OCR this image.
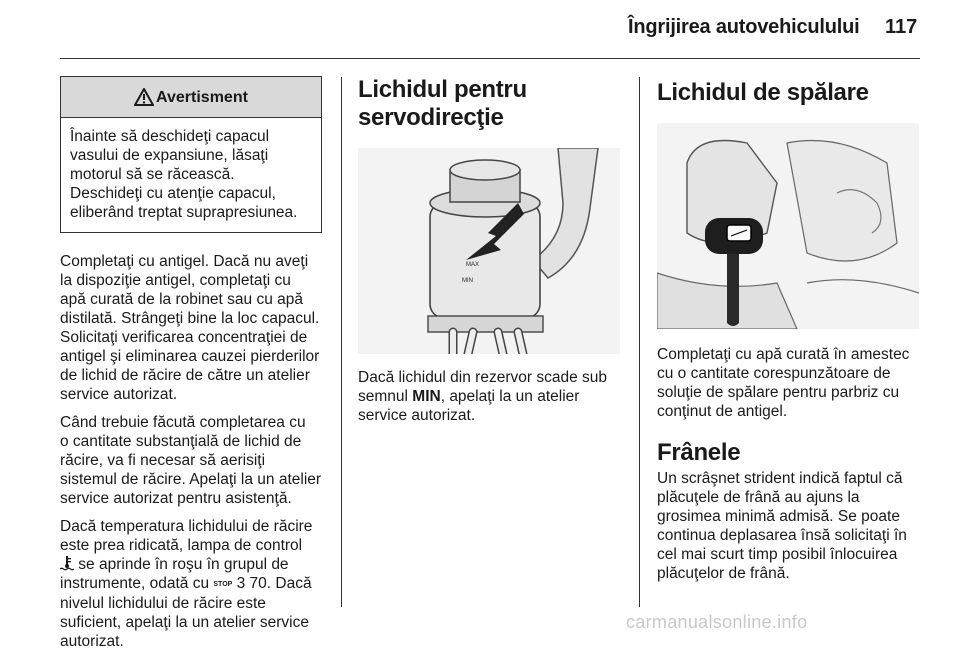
Îngrijirea autovehiculului 117
Avertisment
Înainte să deschideţi capacul
vasului de expansiune, lăsaţi
motorul să se răcească.
Deschideţi cu atenţie capacul,
eliberând treptat suprapresiunea.

Completaţi cu antigel. Dacă nu aveţi
la dispoziţie antigel, completaţi cu
apă curată de la robinet sau cu apă
distilată. Strângeţi bine la loc capacul.
Solicitaţi verificarea concentraţiei de
antigel şi eliminarea cauzei pierderilor
de lichid de răcire de către un atelier
service autorizat.

Când trebuie făcută completarea cu
o cantitate substanţială de lichid de
răcire, va fi necesar să aerisiţi
sistemul de răcire. Apelaţi la un atelier
service autorizat pentru asistenţă.

Dacă temperatura lichidului de răcire
este prea ridicată, lampa de control
se aprinde în roşu în grupul de
instrumente, odată cu STOP 3 70. Dacă
nivelul lichidului de răcire este
suficient, apelaţi la un atelier service
autorizat.

Lichidul pentru
servodirecţie
MAX
MIN
Dacă lichidul din rezervor scade sub
semnul MIN, apelaţi la un atelier
service autorizat.
Lichidul de spălare
Completaţi cu apă curată în amestec
cu o cantitate corespunzătoare de
soluţie de spălare pentru parbriz cu
conţinut de antigel.
Frânele
Un scrâşnet strident indică faptul că
plăcuţele de frână au ajuns la
grosimea minimă admisă. Se poate
continua deplasarea însă solicitaţi în
cel mai scurt timp posibil înlocuirea
plăcuţelor de frână.
carmanualsonline.info
